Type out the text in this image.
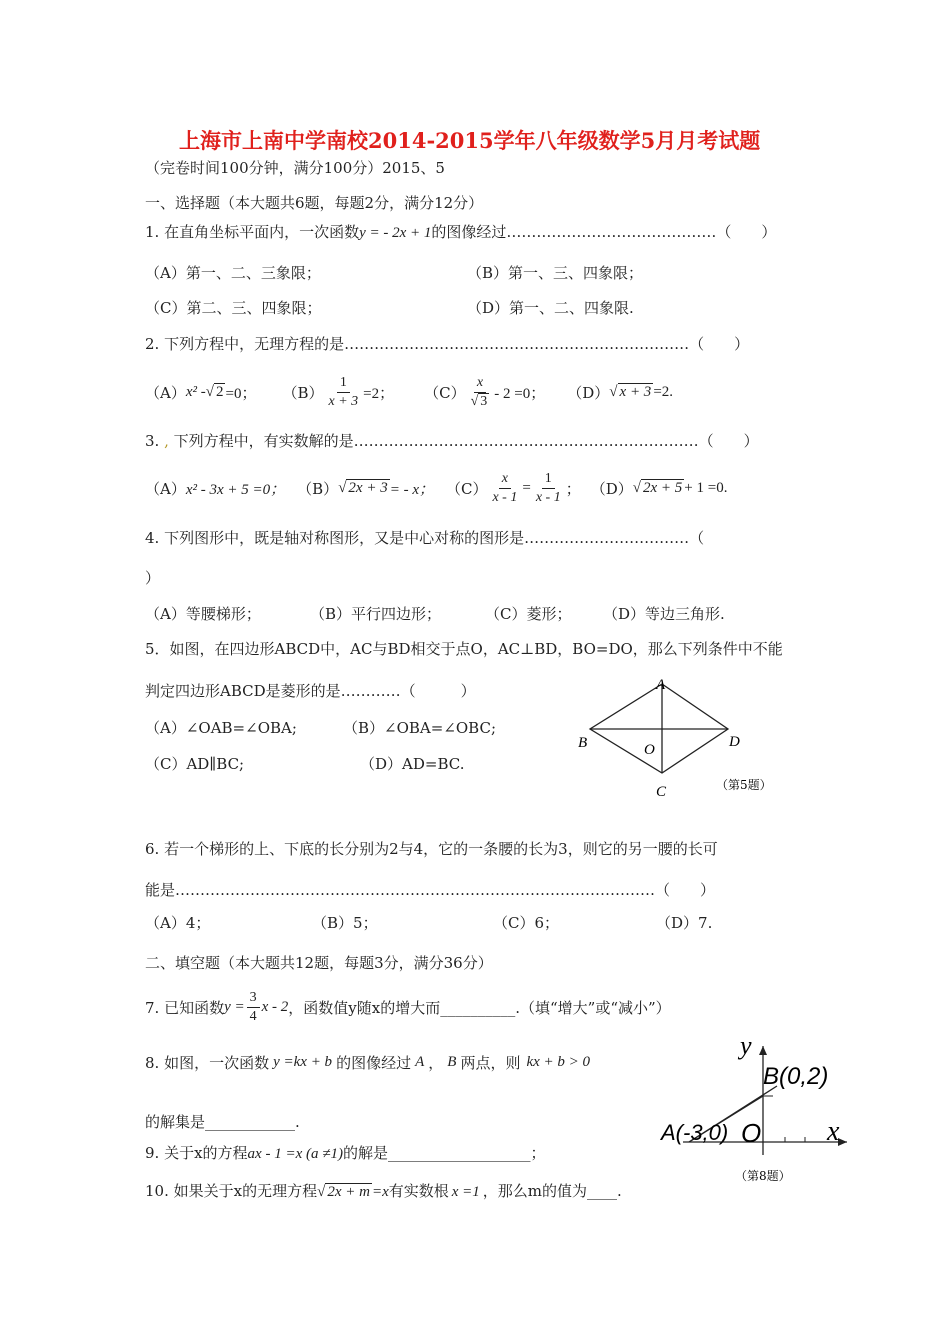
上海市上南中学南校2014-2015学年八年级数学5月月考试题
（完卷时间100分钟，满分100分）2015、5
一、选择题（本大题共6题，每题2分，满分12分）
1. 在直角坐标平面内，一次函数y = - 2x + 1的图像经过……………………………………（　　）
（A）第一、二、三象限；	（B）第一、三、四象限；
（C）第二、三、四象限；	（D）第一、二、四象限.
2. 下列方程中，无理方程的是……………………………………………………………（　　）
（A） x² - √ 2 =0； $(B) \frac{1}{x + 3} =2$； $(C) \frac{x}{√ 3} - 2 =0$； （D） √ x + 3 =2.
3. , 下列方程中，有实数解的是……………………………………………………………（　　）
（A） x² - 3x + 5 =0； （B） √ 2x + 3 = - x； $(C) \frac{x}{x - 1} = \frac{1}{x - 1}$ ； （D） √ 2x + 5 + 1 =0.
4. 下列图形中，既是轴对称图形，又是中心对称的图形是……………………………（
）
（A）等腰梯形；	（B）平行四边形；	（C）菱形； （D）等边三角形.
5．如图，在四边形ABCD中，AC与BD相交于点O，AC⊥BD，BO=DO，那么下列条件中不能
判定四边形ABCD是菱形的是…………（　　　）
（A）∠OAB=∠OBA;	（B）∠OBA=∠OBC;
（C）AD∥BC;	（D）AD=BC.
A
B	D
O
C	（第5题）
6. 若一个梯形的上、下底的长分别为2与4，它的一条腰的长为3，则它的另一腰的长可
能是……………………………………………………………………………………（　　）
（A）4；	（B）5；	（C）6；	（D）7.
二、填空题（本大题共12题，每题3分，满分36分）
7. 已知函数 $y = \frac{3}{4}$ x - 2 ，函数值y随x的增大而__________.（填“增大”或“减小”）
8. 如图，一次函数 y =kx + b 的图像经过 A ， B 两点，则 kx + b > 0
的解集是____________.
y
x
B(0,2)
A(-3,0) O
（第8题）
9. 关于x的方程ax - 1 =x (a ≠1)的解是___________________；
10. 如果关于x的无理方程√ 2x + m =x有实数根 x =1 ，那么m的值为____.
